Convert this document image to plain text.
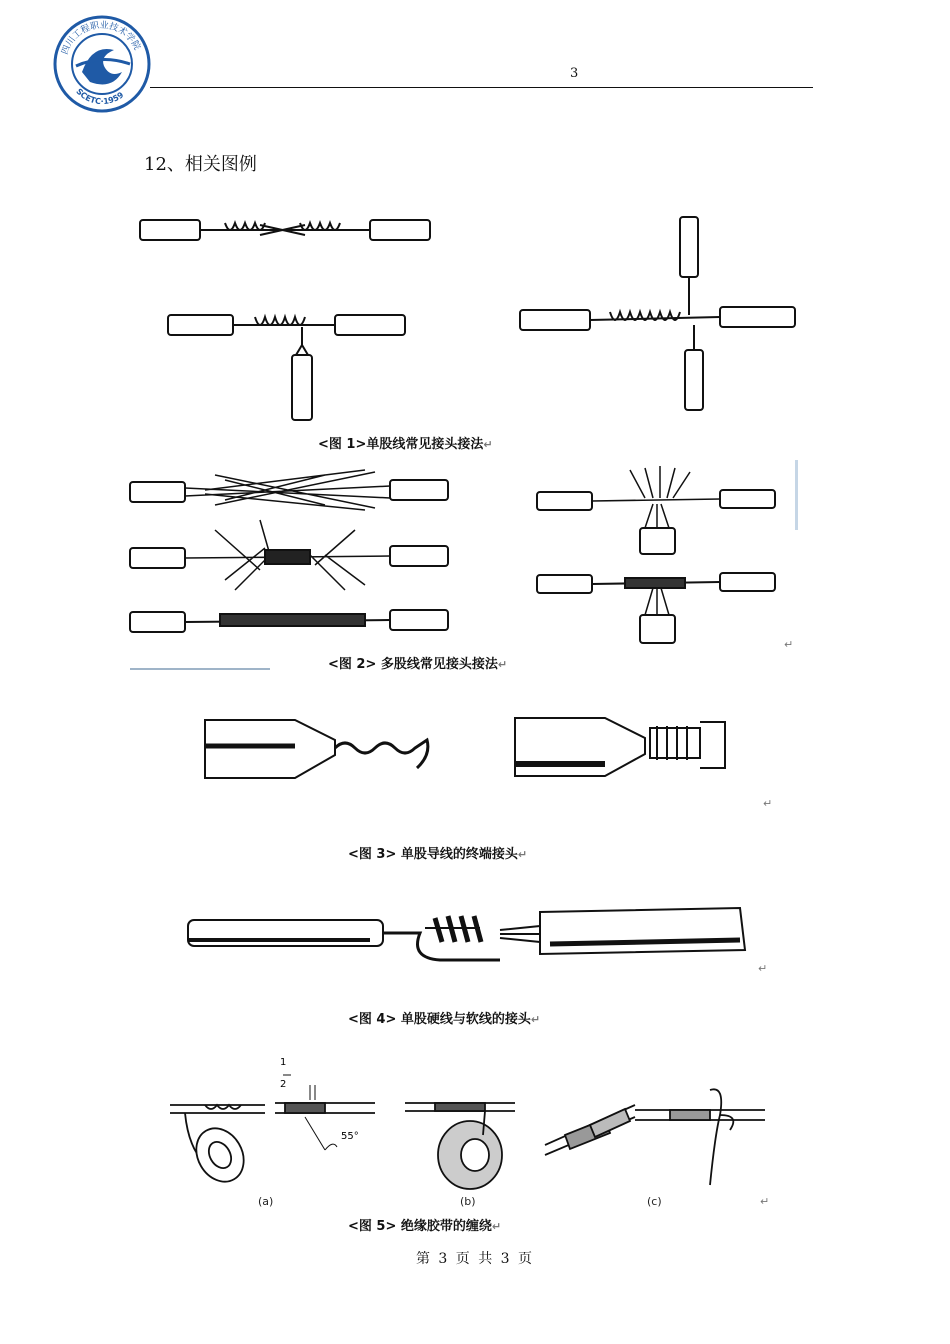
四川工程职业技术学院
SCETC·1959
3
12、相关图例
<图 1>单股线常见接头接法↵
↵
<图 2> 多股线常见接头接法↵
↵
<图 3> 单股导线的终端接头↵
↵
<图 4> 单股硬线与软线的接头↵
1
2
55°
(a)	(b)	(c)	↵
<图 5> 绝缘胶带的缠绕↵
第 3 页 共 3 页
